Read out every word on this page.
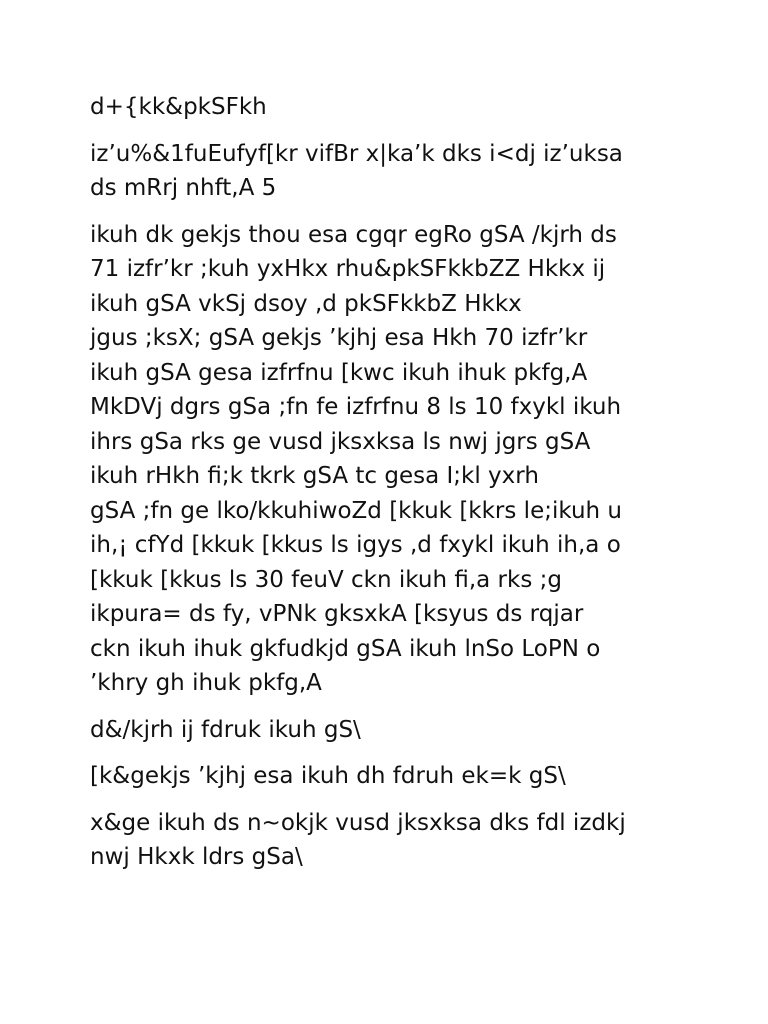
d+{kk&pkSFkh

iz’u%&1fuEufyf[kr vifBr x|ka’k dks i<dj iz’uksa
ds mRrj nhft,A 5

ikuh dk gekjs thou esa cgqr egRo gSA /kjrh ds
71 izfr’kr ;kuh yxHkx rhu&pkSFkkbZZ Hkkx ij
ikuh gSA vkSj dsoy ,d pkSFkkbZ Hkkx
jgus ;ksX; gSA gekjs ’kjhj esa Hkh 70 izfr’kr
ikuh gSA gesa izfrfnu [kwc ikuh ihuk pkfg,A
MkDVj dgrs gSa ;fn fe izfrfnu 8 ls 10 fxykl ikuh
ihrs gSa rks ge vusd jksxksa ls nwj jgrs gSA
ikuh rHkh fi;k tkrk gSA tc gesa I;kl yxrh
gSA ;fn ge lko/kkuhiwoZd [kkuk [kkrs le;ikuh u
ih,¡ cfYd [kkuk [kkus ls igys ,d fxykl ikuh ih,a o
[kkuk [kkus ls 30 feuV ckn ikuh fi,a rks ;g
ikpura= ds fy, vPNk gksxkA [ksyus ds rqjar
ckn ikuh ihuk gkfudkjd gSA ikuh lnSo LoPN o
’khry gh ihuk pkfg,A

d&/kjrh ij fdruk ikuh gS\

[k&gekjs ’kjhj esa ikuh dh fdruh ek=k gS\

x&ge ikuh ds n~okjk vusd jksxksa dks fdl izdkj
nwj Hkxk ldrs gSa\
